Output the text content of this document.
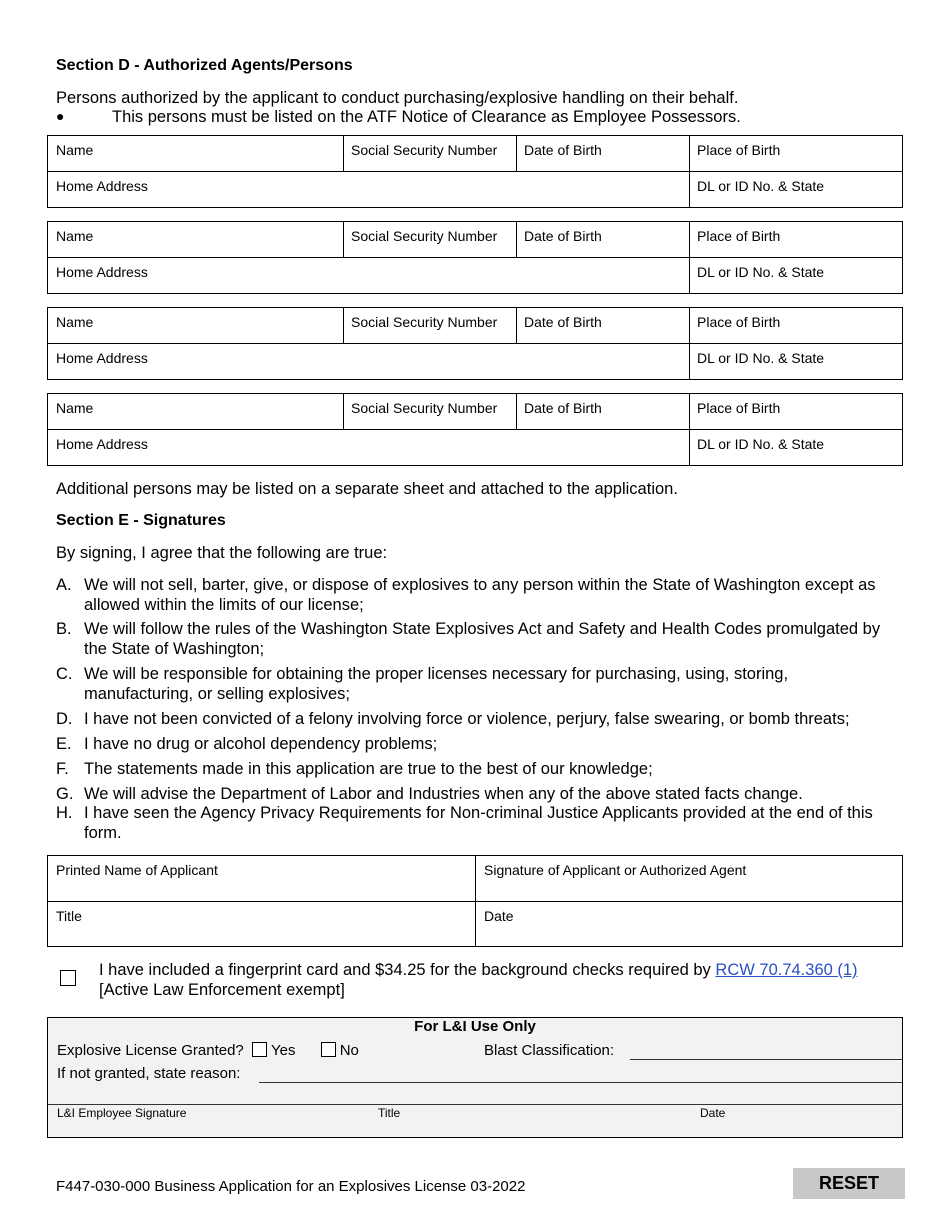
Section D - Authorized Agents/Persons
Persons authorized by the applicant to conduct purchasing/explosive handling on their behalf.
●	This persons must be listed on the ATF Notice of Clearance as Employee Possessors.
Name	Social Security Number	Date of Birth	Place of Birth
Home Address	DL or ID No. & State
Name	Social Security Number	Date of Birth	Place of Birth
Home Address	DL or ID No. & State
Name	Social Security Number	Date of Birth	Place of Birth
Home Address	DL or ID No. & State
Name	Social Security Number	Date of Birth	Place of Birth
Home Address	DL or ID No. & State
Additional persons may be listed on a separate sheet and attached to the application.
Section E - Signatures
By signing, I agree that the following are true:
A. We will not sell, barter, give, or dispose of explosives to any person within the State of Washington except as allowed within the limits of our license;
B. We will follow the rules of the Washington State Explosives Act and Safety and Health Codes promulgated by the State of Washington;
C. We will be responsible for obtaining the proper licenses necessary for purchasing, using, storing, manufacturing, or selling explosives;
D. I have not been convicted of a felony involving force or violence, perjury, false swearing, or bomb threats;
E. I have no drug or alcohol dependency problems;
F. The statements made in this application are true to the best of our knowledge;
G. We will advise the Department of Labor and Industries when any of the above stated facts change.
H. I have seen the Agency Privacy Requirements for Non-criminal Justice Applicants provided at the end of this form.
Printed Name of Applicant	Signature of Applicant or Authorized Agent
Title	Date
I have included a fingerprint card and $34.25 for the background checks required by RCW 70.74.360 (1)
[Active Law Enforcement exempt]
For L&I Use Only
Explosive License Granted? Yes	No	Blast Classification:
If not granted, state reason:
L&I Employee Signature	Title	Date
F447-030-000 Business Application for an Explosives License 03-2022	RESET
